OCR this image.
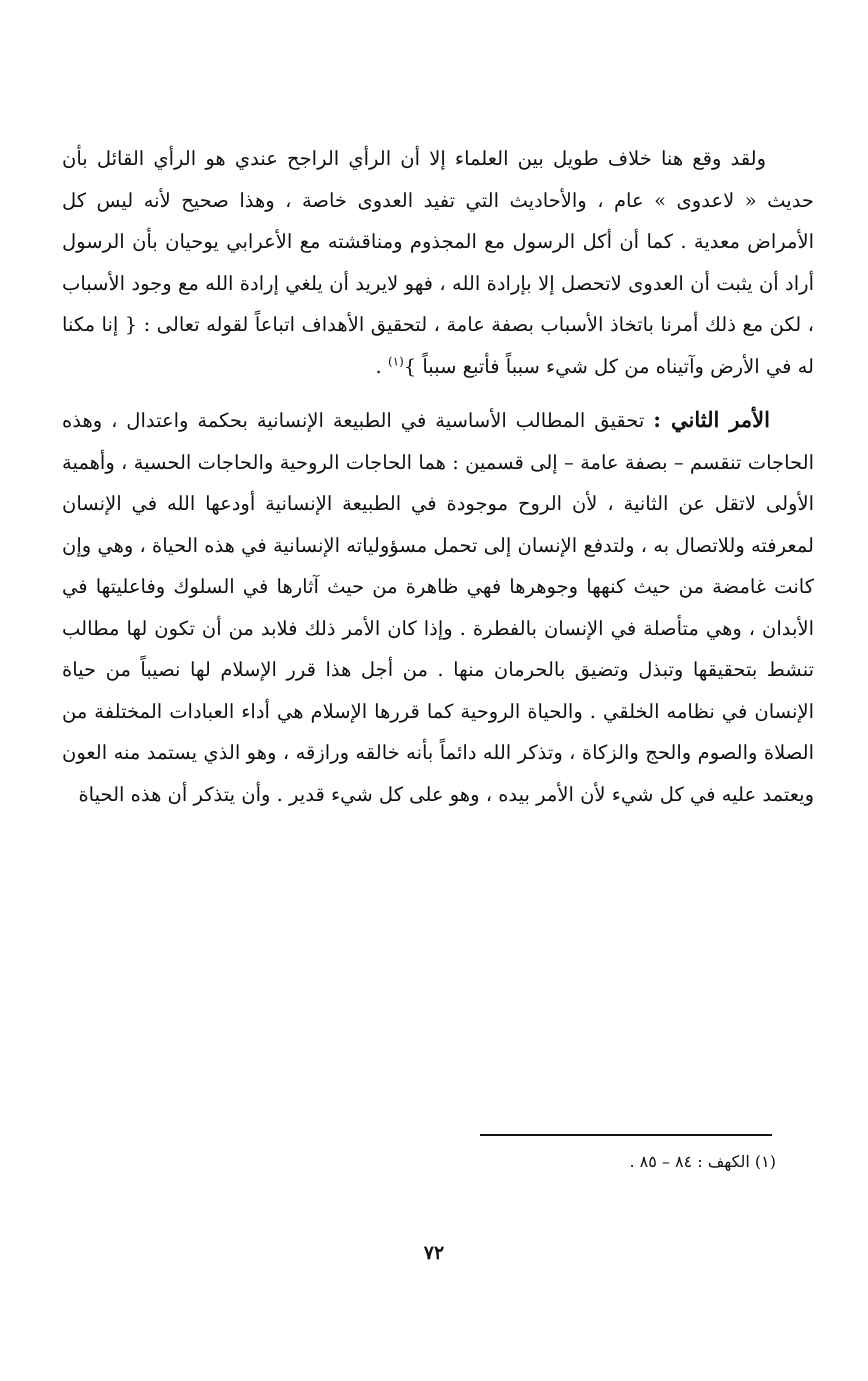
ولقد وقع هنا خلاف طويل بين العلماء إلا أن الرأي الراجح عندي هو الرأي القائل بأن حديث « لاعدوى » عام ، والأحاديث التي تفيد العدوى خاصة ، وهذا صحيح لأنه ليس كل الأمراض معدية . كما أن أكل الرسول مع المجذوم ومناقشته مع الأعرابي يوحيان بأن الرسول أراد أن يثبت أن العدوى لاتحصل إلا بإرادة الله ، فهو لايريد أن يلغي إرادة الله مع وجود الأسباب ، لكن مع ذلك أمرنا باتخاذ الأسباب بصفة عامة ، لتحقيق الأهداف اتباعاً لقوله تعالى : { إنا مكنا له في الأرض وآتيناه من كل شيء سبباً فأتبع سبباً }$^{(١)}$ .

الأمر الثاني : تحقيق المطالب الأساسية في الطبيعة الإنسانية بحكمة واعتدال ، وهذه الحاجات تنقسم – بصفة عامة – إلى قسمين : هما الحاجات الروحية والحاجات الحسية ، وأهمية الأولى لاتقل عن الثانية ، لأن الروح موجودة في الطبيعة الإنسانية أودعها الله في الإنسان لمعرفته وللاتصال به ، ولتدفع الإنسان إلى تحمل مسؤولياته الإنسانية في هذه الحياة ، وهي وإن كانت غامضة من حيث كنهها وجوهرها فهي ظاهرة من حيث آثارها في السلوك وفاعليتها في الأبدان ، وهي متأصلة في الإنسان بالفطرة . وإذا كان الأمر ذلك فلابد من أن تكون لها مطالب تنشط بتحقيقها وتبذل وتضيق بالحرمان منها . من أجل هذا قرر الإسلام لها نصيباً من حياة الإنسان في نظامه الخلقي . والحياة الروحية كما قررها الإسلام هي أداء العبادات المختلفة من الصلاة والصوم والحج والزكاة ، وتذكر الله دائماً بأنه خالقه ورازقه ، وهو الذي يستمد منه العون ويعتمد عليه في كل شيء لأن الأمر بيده ، وهو على كل شيء قدير . وأن يتذكر أن هذه الحياة

(١) الكهف : ٨٤ – ٨٥ .
٧٢
